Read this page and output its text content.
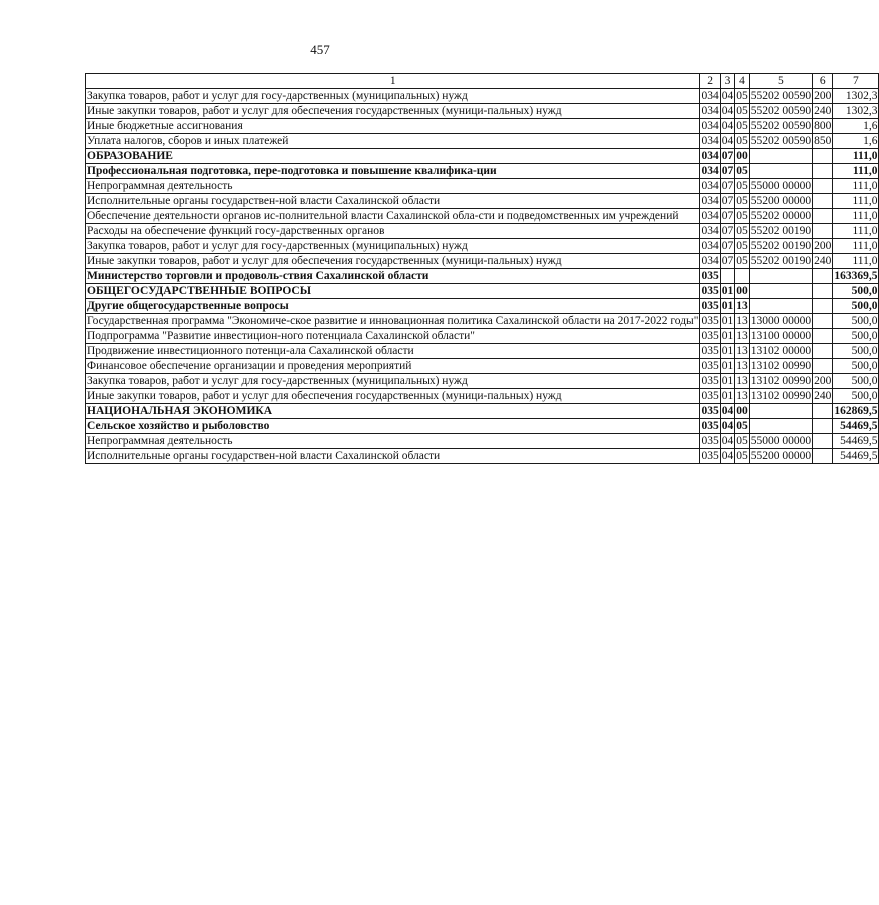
457
1	2	3	4	5	6	7
Закупка товаров, работ и услуг для госу-дарственных (муниципальных) нужд	034	04	05	55202 00590	200	1302,3
Иные закупки товаров, работ и услуг для обеспечения государственных (муници-пальных) нужд	034	04	05	55202 00590	240	1302,3
Иные бюджетные ассигнования	034	04	05	55202 00590	800	1,6
Уплата налогов, сборов и иных платежей	034	04	05	55202 00590	850	1,6
ОБРАЗОВАНИЕ	034	07	00			111,0
Профессиональная подготовка, пере-подготовка и повышение квалифика-ции	034	07	05			111,0
Непрограммная деятельность	034	07	05	55000 00000		111,0
Исполнительные органы государствен-ной власти Сахалинской области	034	07	05	55200 00000		111,0
Обеспечение деятельности органов ис-полнительной власти Сахалинской обла-сти и подведомственных им учреждений	034	07	05	55202 00000		111,0
Расходы на обеспечение функций госу-дарственных органов	034	07	05	55202 00190		111,0
Закупка товаров, работ и услуг для госу-дарственных (муниципальных) нужд	034	07	05	55202 00190	200	111,0
Иные закупки товаров, работ и услуг для обеспечения государственных (муници-пальных) нужд	034	07	05	55202 00190	240	111,0
Министерство торговли и продоволь-ствия Сахалинской области	035					163369,5
ОБЩЕГОСУДАРСТВЕННЫЕ ВОПРОСЫ	035	01	00			500,0
Другие общегосударственные вопросы	035	01	13			500,0
Государственная программа "Экономиче-ское развитие и инновационная политика Сахалинской области на 2017-2022 годы"	035	01	13	13000 00000		500,0
Подпрограмма "Развитие инвестицион-ного потенциала Сахалинской области"	035	01	13	13100 00000		500,0
Продвижение инвестиционного потенци-ала Сахалинской области	035	01	13	13102 00000		500,0
Финансовое обеспечение организации и проведения мероприятий	035	01	13	13102 00990		500,0
Закупка товаров, работ и услуг для госу-дарственных (муниципальных) нужд	035	01	13	13102 00990	200	500,0
Иные закупки товаров, работ и услуг для обеспечения государственных (муници-пальных) нужд	035	01	13	13102 00990	240	500,0
НАЦИОНАЛЬНАЯ ЭКОНОМИКА	035	04	00			162869,5
Сельское хозяйство и рыболовство	035	04	05			54469,5
Непрограммная деятельность	035	04	05	55000 00000		54469,5
Исполнительные органы государствен-ной власти Сахалинской области	035	04	05	55200 00000		54469,5
